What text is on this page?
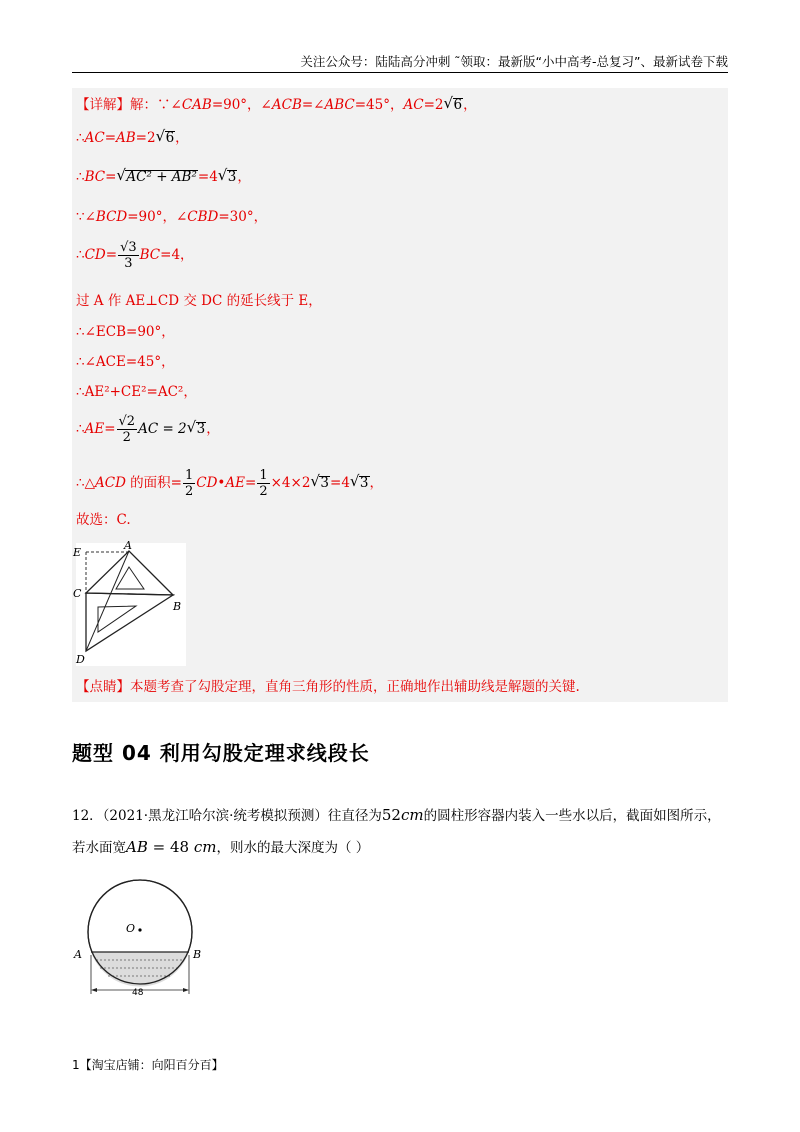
关注公众号：陆陆高分冲刺 ˜领取：最新版“小中高考-总复习”、最新试卷下载
【详解】解：∵∠CAB=90°，∠ACB=∠ABC=45°，AC=2 √ 6，
∴AC=AB=2 √ 6，
∴BC= √ AC² + AB²=4 √ 3，
∵∠BCD=90°，∠CBD=30°，
∴CD= $\frac{√3}{3} BC=4$，
过 A 作 AE⊥CD 交 DC 的延长线于 E，
∴∠ECB=90°，
∴∠ACE=45°，
∴AE²+CE²=AC²，
∴AE= $\frac{√2}{2}$ AC = 2 √ 3，
∴△ACD 的面积= $\frac{1}{2}$ CD•AE= $\frac{1}{2} \times 4\times 2$ √ 3=4 √ 3，
故选：C.
E
A
C
B
D
【点睛】本题考查了勾股定理，直角三角形的性质，正确地作出辅助线是解题的关键.
题型 04 利用勾股定理求线段长
12．（2021·黑龙江哈尔滨·统考模拟预测）往直径为52cm的圆柱形容器内装入一些水以后，截面如图所示，
若水面宽AB = 48 cm，则水的最大深度为（ ）
O
A	B
48
1【淘宝店铺：向阳百分百】
